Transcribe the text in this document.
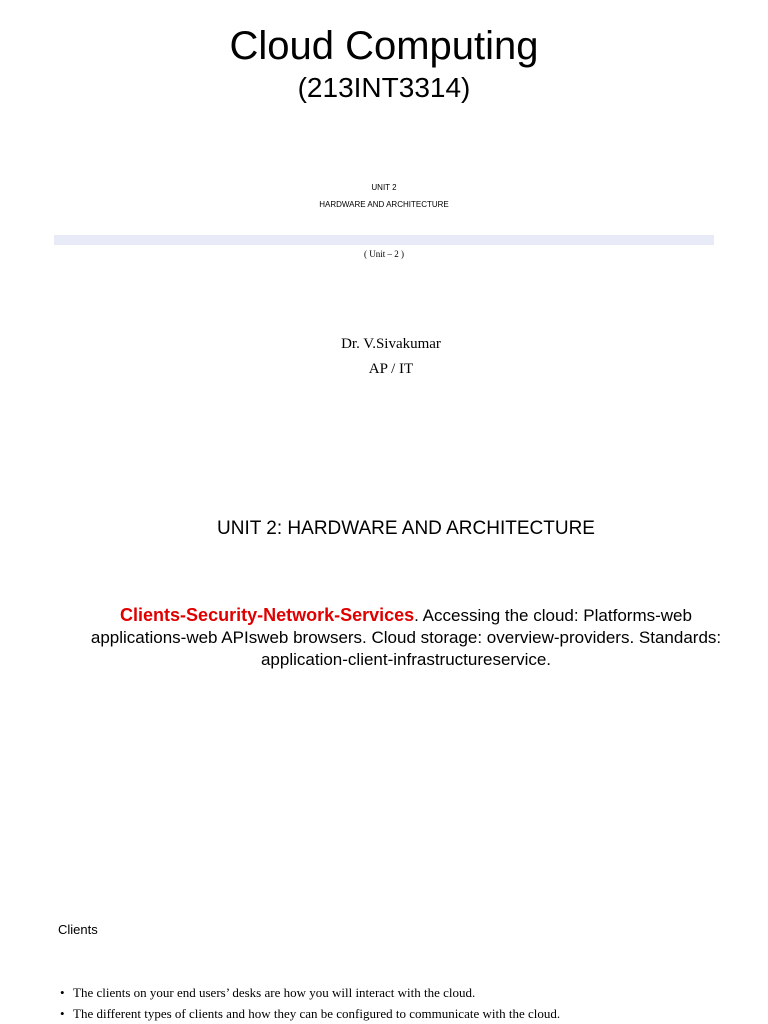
Cloud Computing
(213INT3314)
UNIT 2
HARDWARE AND ARCHITECTURE
( Unit – 2 )
Dr. V.Sivakumar
AP / IT
UNIT 2: HARDWARE AND ARCHITECTURE
Clients-Security-Network-Services. Accessing the cloud: Platforms-web applications-web APIsweb browsers. Cloud storage: overview-providers. Standards: application-client-infrastructureservice.
Clients
• The clients on your end users’ desks are how you will interact with the cloud.
• The different types of clients and how they can be configured to communicate with the cloud.
